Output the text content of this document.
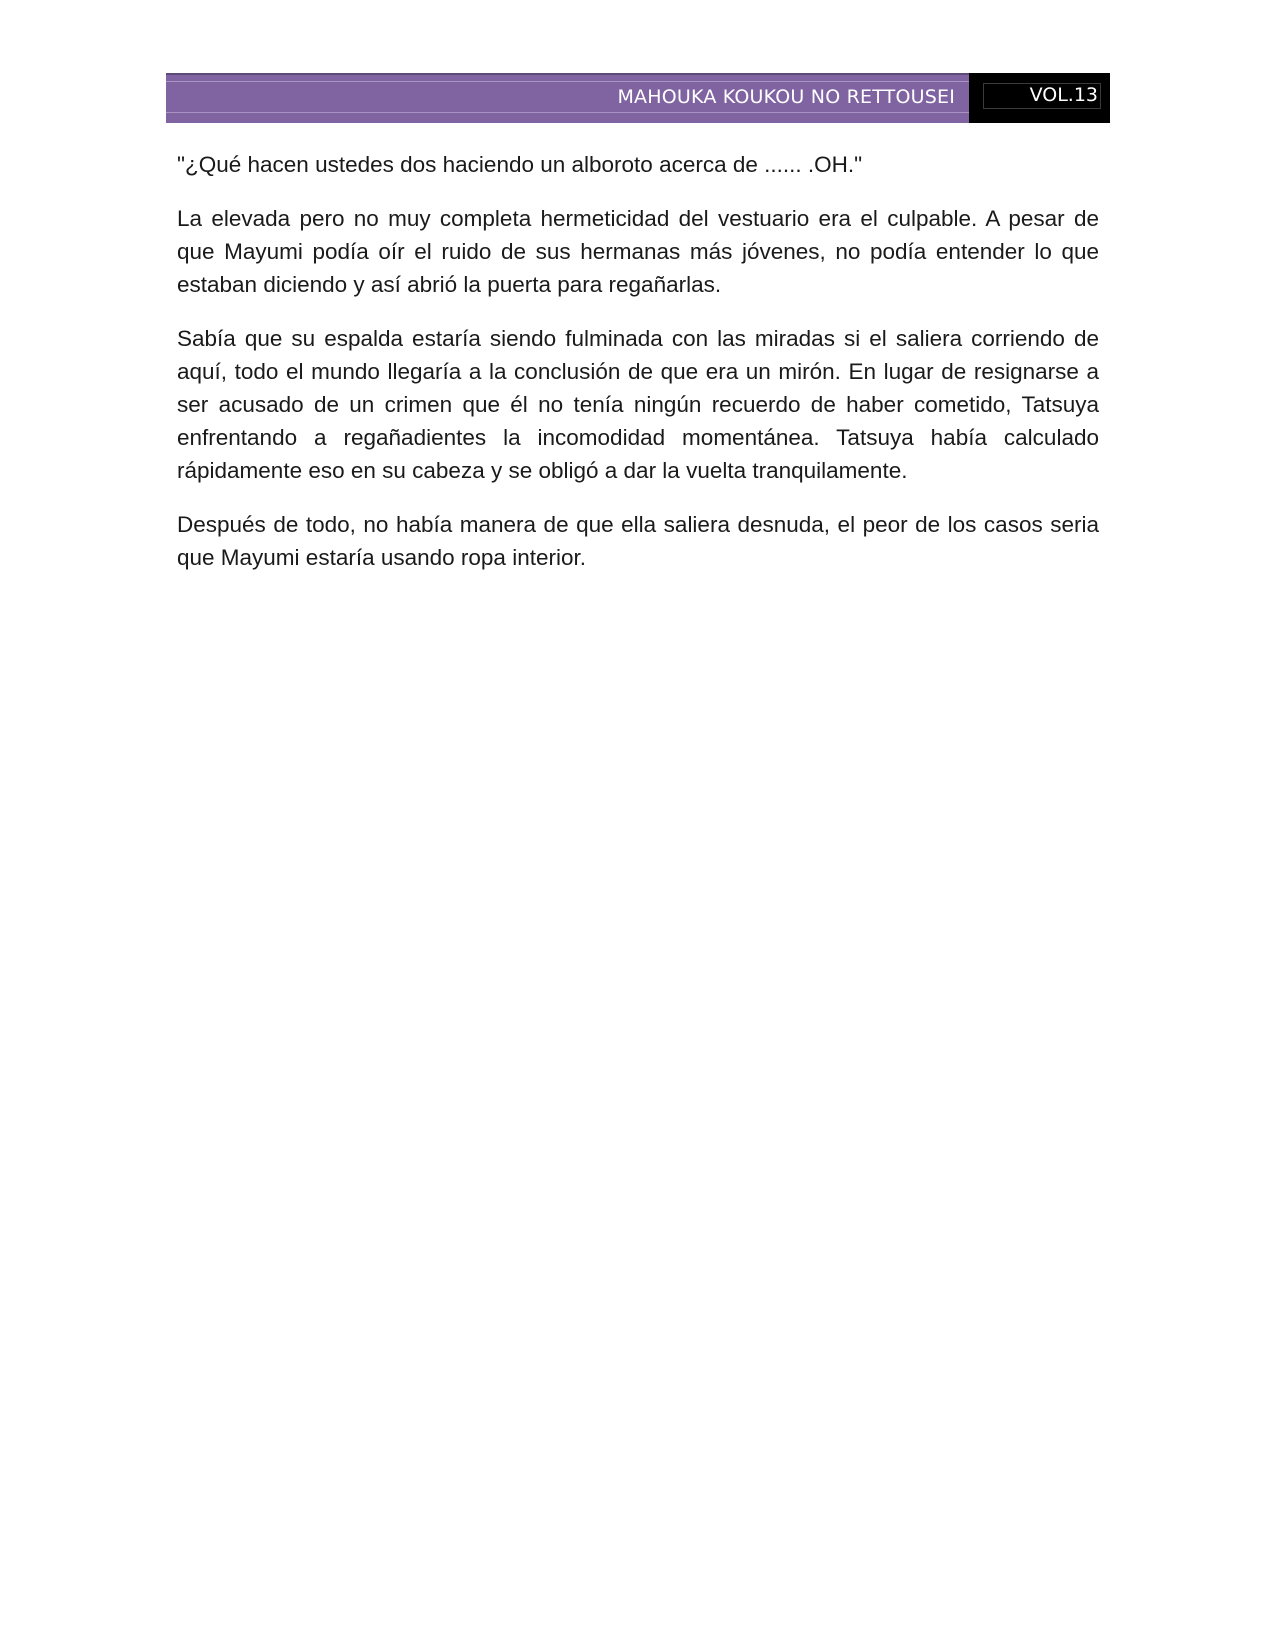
MAHOUKA KOUKOU NO RETTOUSEI	VOL.13

"¿Qué hacen ustedes dos haciendo un alboroto acerca de ...... .OH."

La elevada pero no muy completa hermeticidad del vestuario era el culpable. A pesar de que Mayumi podía oír el ruido de sus hermanas más jóvenes, no podía entender lo que estaban diciendo y así abrió la puerta para regañarlas.

Sabía que su espalda estaría siendo fulminada con las miradas si el saliera corriendo de aquí, todo el mundo llegaría a la conclusión de que era un mirón. En lugar de resignarse a ser acusado de un crimen que él no tenía ningún recuerdo de haber cometido, Tatsuya enfrentando a regañadientes la incomodidad momentánea. Tatsuya había calculado rápidamente eso en su cabeza y se obligó a dar la vuelta tranquilamente.

Después de todo, no había manera de que ella saliera desnuda, el peor de los casos seria que Mayumi estaría usando ropa interior.
